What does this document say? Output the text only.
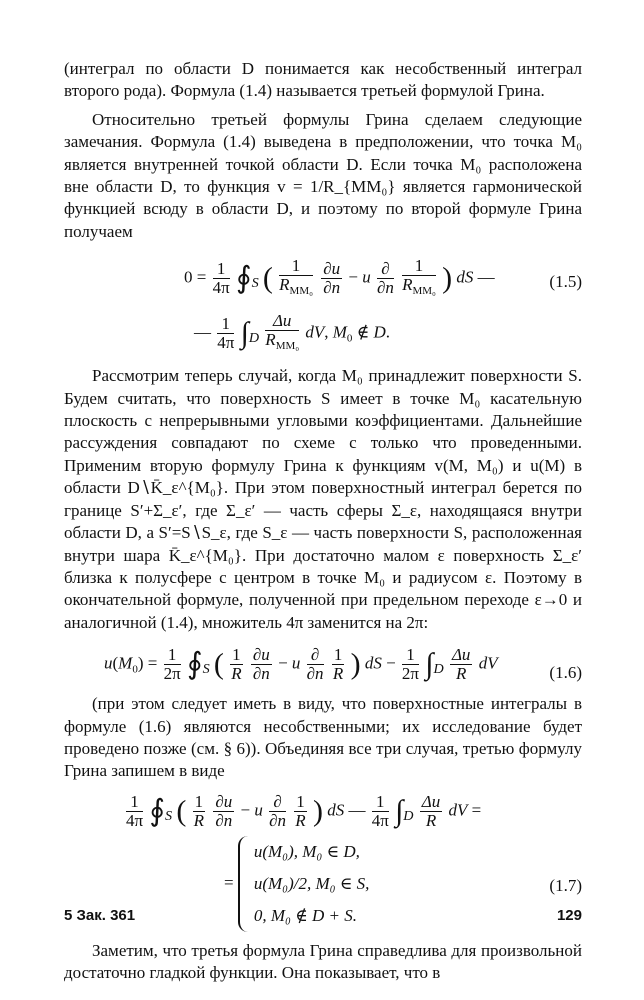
(интеграл по области D понимается как несобственный интеграл второго рода). Формула (1.4) называется третьей формулой Грина.

Относительно третьей формулы Грина сделаем следующие замечания. Формула (1.4) выведена в предположении, что точка M₀ является внутренней точкой области D. Если точка M₀ расположена вне области D, то функция v = 1/R_{MM₀} является гармонической функцией всюду в области D, и поэтому по второй формуле Грина получаем

$0 = \frac{1}{4\pi}$ $∮_S$ ( $\frac{1}{R_{MM_0}}$
$\frac{\partial u}{\partial n} - u \frac{\partial}{\partial n}$
$\frac{1}{R_{MM_0}}$ ) dS —
— $\frac{1}{4\pi} \int_D \frac{\Delta u}{R_{MM_0}}$ dV, $M_0$ ∉ D.
(1.5)

Рассмотрим теперь случай, когда M₀ принадлежит поверхности S. Будем считать, что поверхность S имеет в точке M₀ касательную плоскость с непрерывными угловыми коэффициентами. Дальнейшие рассуждения совпадают по схеме с только что проведенными. Применим вторую формулу Грина к функциям v(M, M₀) и u(M) в области D∖K̄_ε^{M₀}. При этом поверхностный интеграл берется по границе S′+Σ_ε′, где Σ_ε′ — часть сферы Σ_ε, находящаяся внутри области D, а S′=S∖S_ε, где S_ε — часть поверхности S, расположенная внутри шара K̄_ε^{M₀}. При достаточно малом ε поверхность Σ_ε′ близка к полусфере с центром в точке M₀ и радиусом ε. Поэтому в окончательной формуле, полученной при предельном переходе ε→0 и аналогичной (1.4), множитель 4π заменится на 2π:

$u(M_0) = \frac{1}{2\pi}$ $∮_S$ ( $\frac{1}{R}$
$\frac{\partial u}{\partial n} - u \frac{\partial}{\partial n}$
$\frac{1}{R}$ ) dS − $\frac{1}{2\pi} \int_D \frac{\Delta u}{R}$ dV
(1.6)

(при этом следует иметь в виду, что поверхностные интегралы в формуле (1.6) являются несобственными; их исследование будет проведено позже (см. § 6)). Объединяя все три случая, третью формулу Грина запишем в виде

$\frac{1}{4\pi}$ $∮_S$ ( $\frac{1}{R}$
$\frac{\partial u}{\partial n} - u \frac{\partial}{\partial n}$
$\frac{1}{R}$ ) dS — $\frac{1}{4\pi} \int_D \frac{\Delta u}{R}$ dV =
=
u(M₀), M₀ ∈ D,
u(M₀)/2, M₀ ∈ S,
0, M₀ ∉ D + S.
(1.7)

Заметим, что третья формула Грина справедлива для произвольной достаточно гладкой функции. Она показывает, что в

5 Зак. 361	129
